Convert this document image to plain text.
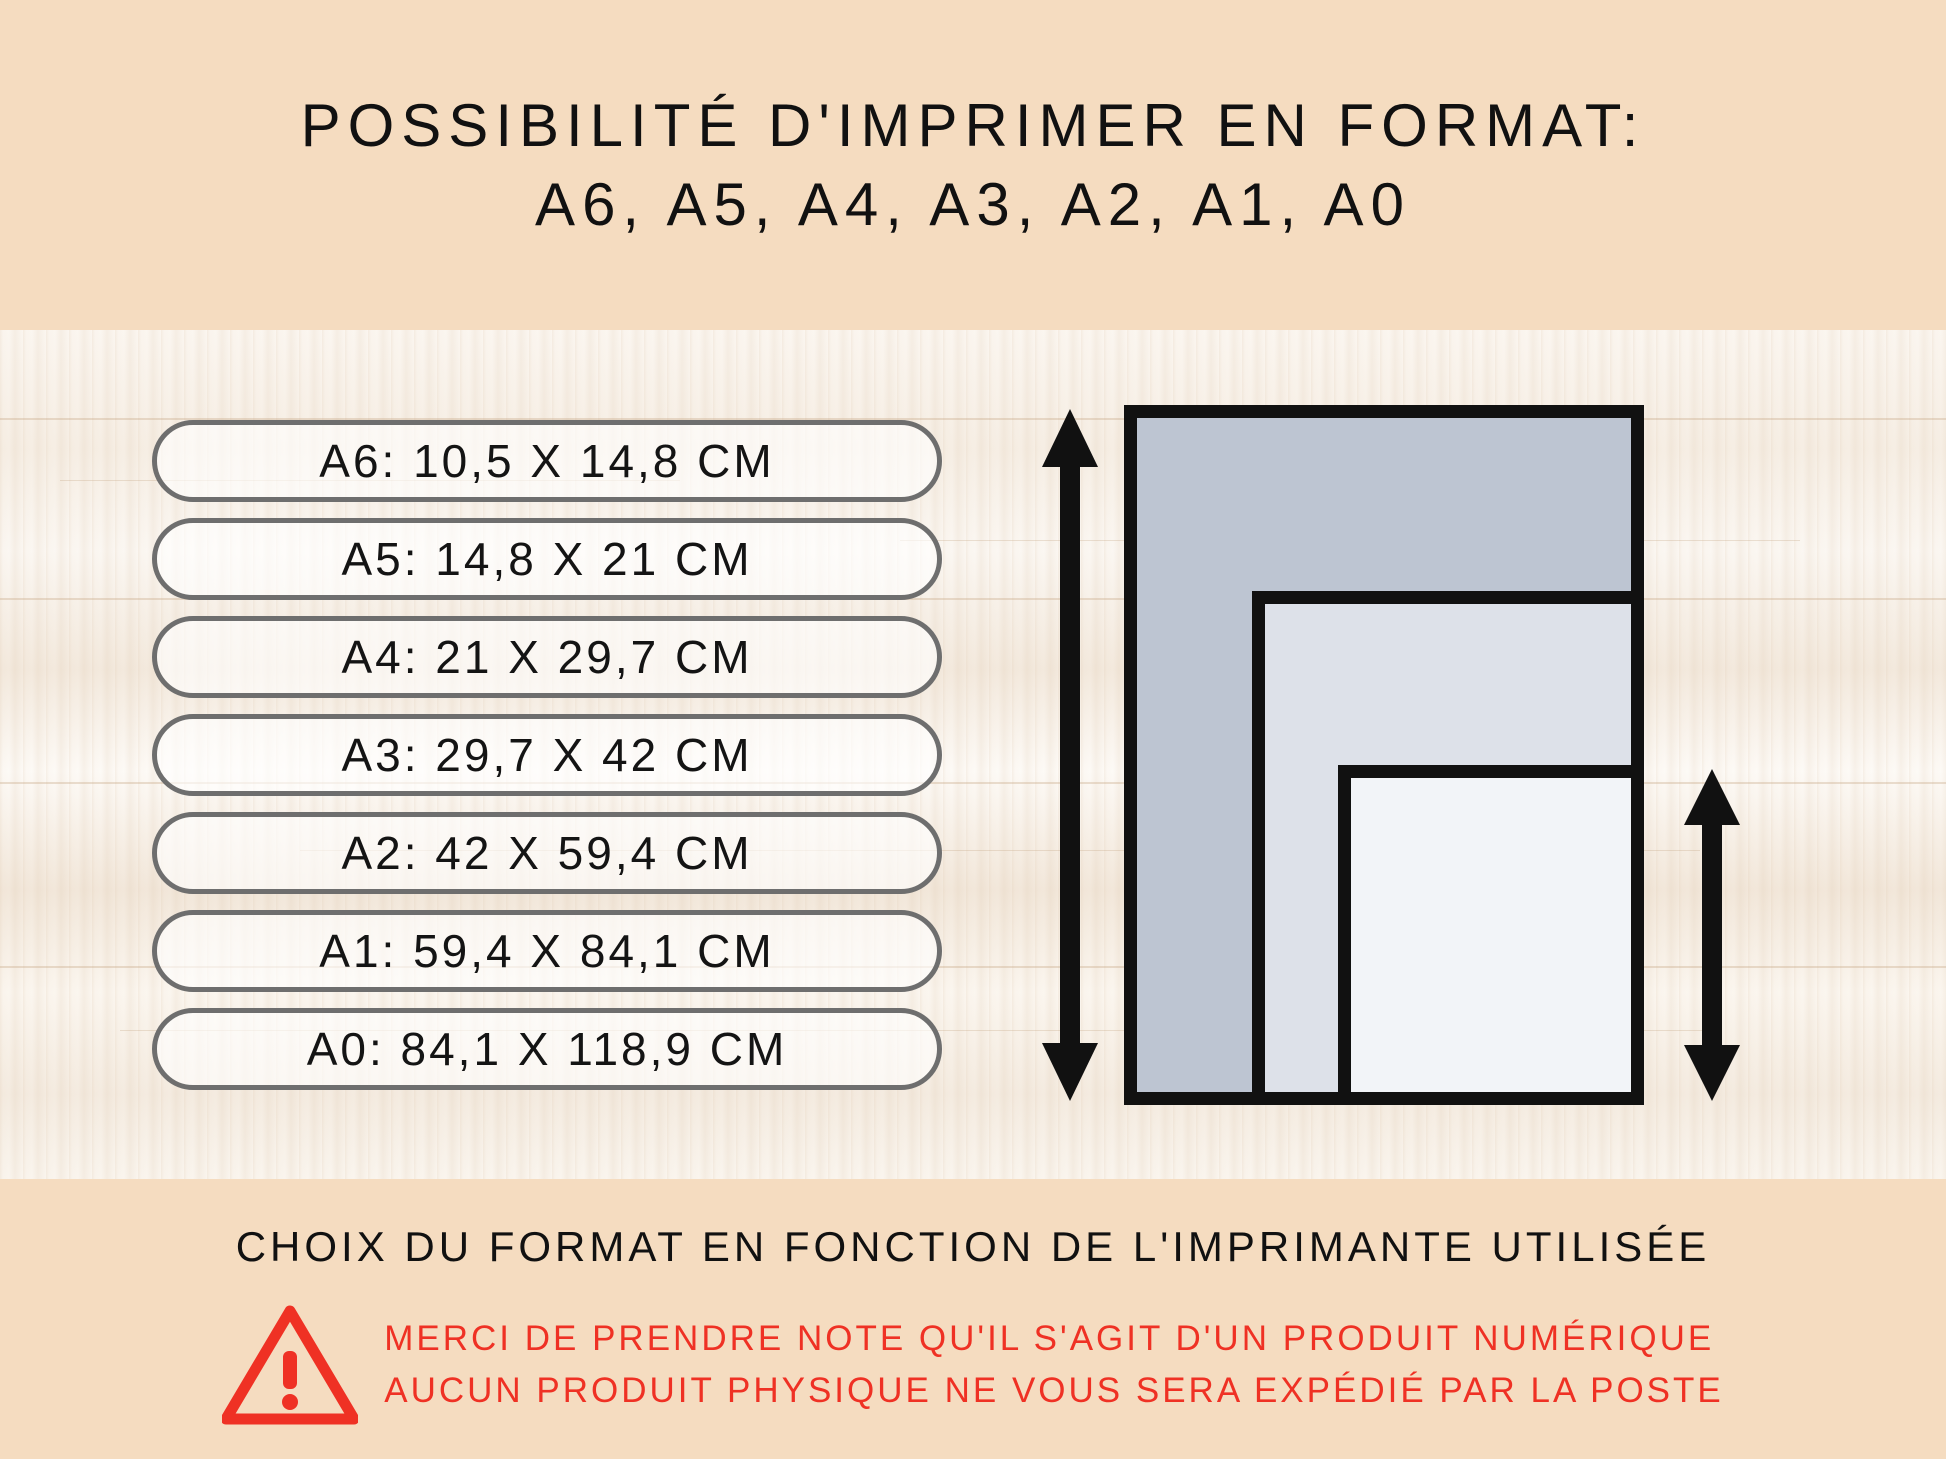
POSSIBILITÉ D'IMPRIMER EN FORMAT:
A6, A5, A4, A3, A2, A1, A0
A6: 10,5 X 14,8 CM
A5: 14,8 X 21 CM
A4: 21 X 29,7 CM
A3: 29,7 X 42 CM
A2: 42 X 59,4 CM
A1: 59,4 X 84,1 CM
A0: 84,1 X 118,9 CM
CHOIX DU FORMAT EN FONCTION DE L'IMPRIMANTE UTILISÉE
MERCI DE PRENDRE NOTE QU'IL S'AGIT D'UN PRODUIT NUMÉRIQUE
AUCUN PRODUIT PHYSIQUE NE VOUS SERA EXPÉDIÉ PAR LA POSTE
